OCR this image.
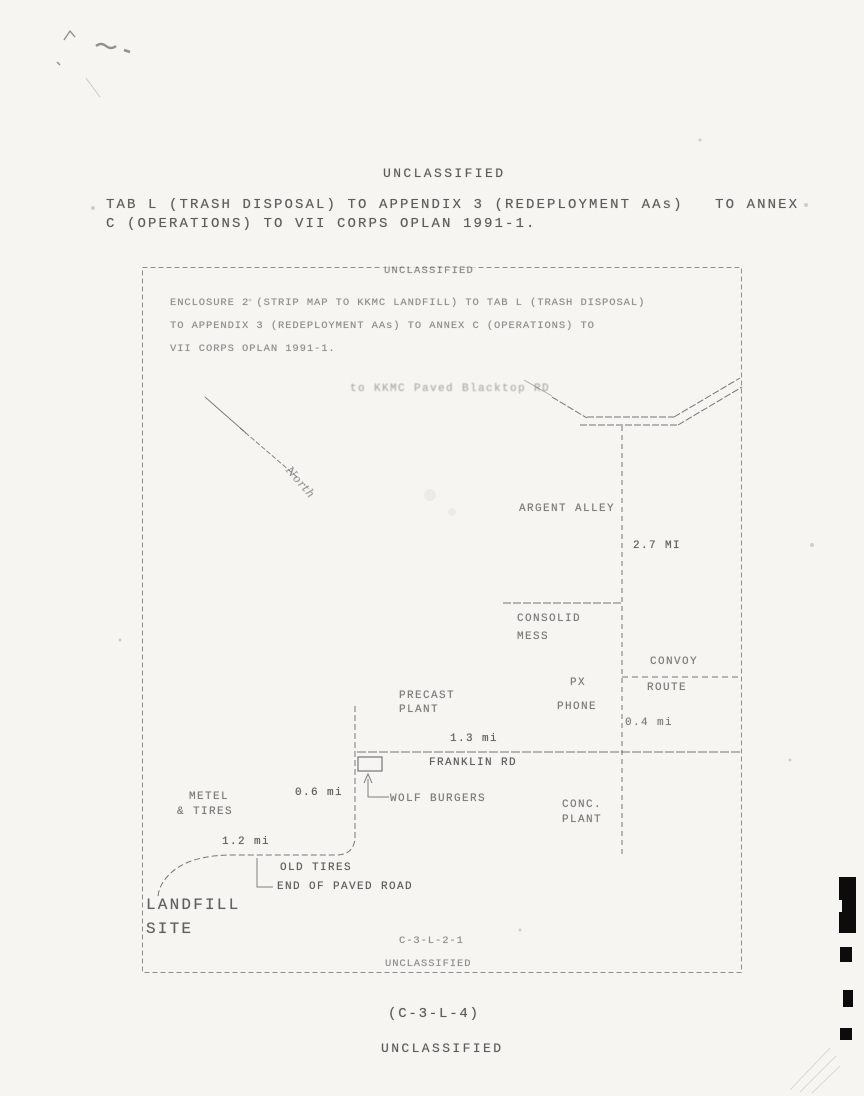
UNCLASSIFIED
TAB L (TRASH DISPOSAL) TO APPENDIX 3 (REDEPLOYMENT AAs)   TO ANNEX
C (OPERATIONS) TO VII CORPS OPLAN 1991-1.
UNCLASSIFIED
ENCLOSURE 2 (STRIP MAP TO KKMC LANDFILL) TO TAB L (TRASH DISPOSAL)
TO APPENDIX 3 (REDEPLOYMENT AAs) TO ANNEX C (OPERATIONS) TO
VII CORPS OPLAN 1991-1.
North
to KKMC Paved Blacktop RD
ARGENT ALLEY
2.7 MI
CONSOLID
MESS
CONVOY
ROUTE
0.4 mi
PX
PHONE
PRECAST
PLANT
1.3 mi
FRANKLIN RD
WOLF BURGERS	CONC.
PLANT
METEL
& TIRES
0.6 mi
1.2 mi
OLD TIRES
END OF PAVED ROAD
LANDFILL
SITE
C-3-L-2-1
UNCLASSIFIED
(C-3-L-4)
UNCLASSIFIED
